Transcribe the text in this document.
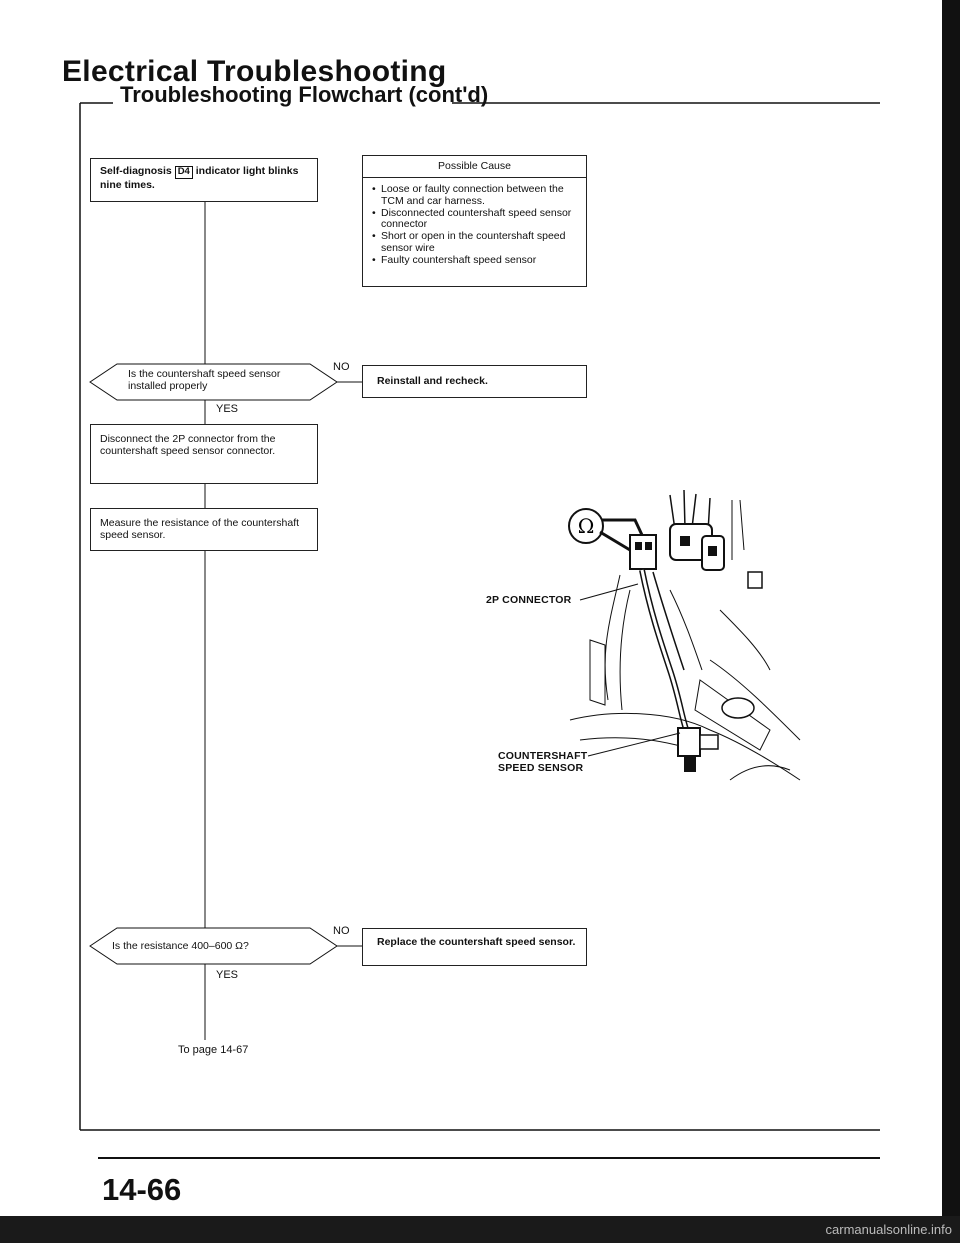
Electrical Troubleshooting
Troubleshooting Flowchart (cont'd)
Self-diagnosis D4 indicator light blinks nine times.
Possible Cause
• Loose or faulty connection between the TCM and car harness.
• Disconnected countershaft speed sensor connector
• Short or open in the countershaft speed sensor wire
• Faulty countershaft speed sensor
Is the countershaft speed sensor installed properly
NO
Reinstall and recheck.
YES
Disconnect the 2P connector from the countershaft speed sensor connector.
Measure the resistance of the countershaft speed sensor.
Is the resistance 400–600 Ω?
NO
Replace the countershaft speed sensor.
YES
To page 14-67
Ω
2P CONNECTOR
COUNTERSHAFT
SPEED SENSOR
14-66
carmanualsonline.info
